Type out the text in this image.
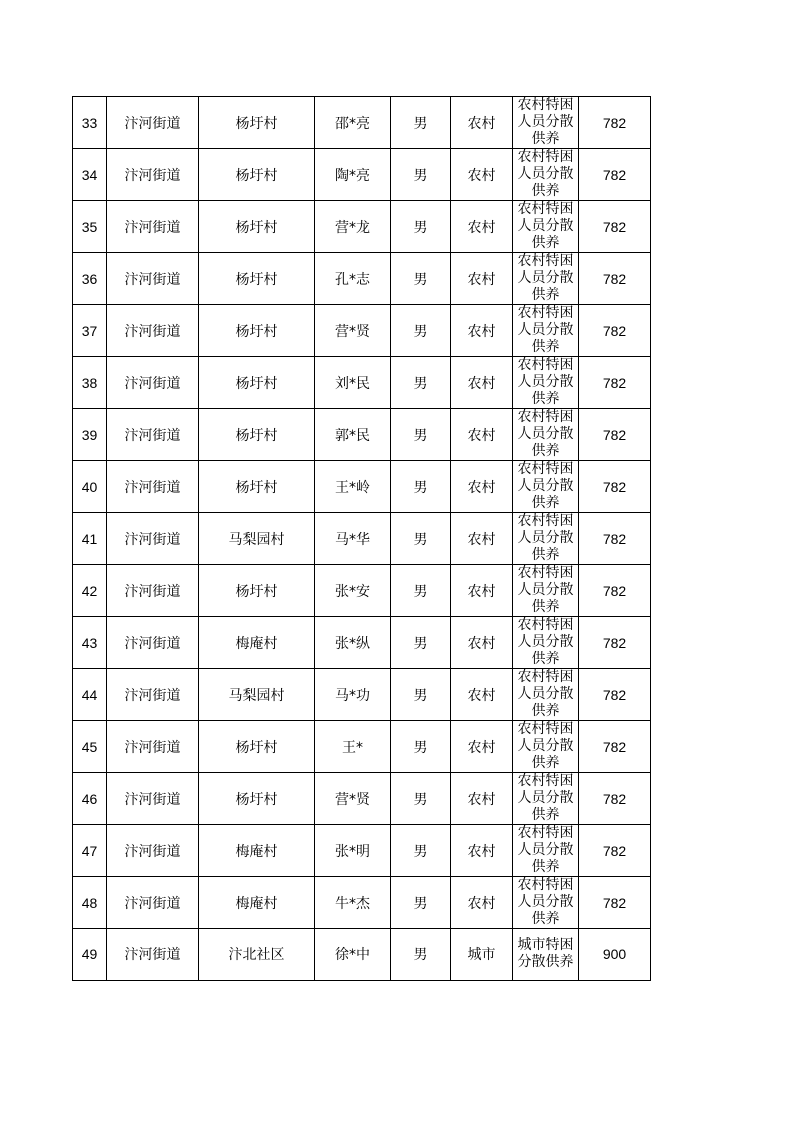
33	汴河街道	杨圩村	邵*亮	男	农村	农村特困人员分散供养	782
34	汴河街道	杨圩村	陶*亮	男	农村	农村特困人员分散供养	782
35	汴河街道	杨圩村	营*龙	男	农村	农村特困人员分散供养	782
36	汴河街道	杨圩村	孔*志	男	农村	农村特困人员分散供养	782
37	汴河街道	杨圩村	营*贤	男	农村	农村特困人员分散供养	782
38	汴河街道	杨圩村	刘*民	男	农村	农村特困人员分散供养	782
39	汴河街道	杨圩村	郭*民	男	农村	农村特困人员分散供养	782
40	汴河街道	杨圩村	王*岭	男	农村	农村特困人员分散供养	782
41	汴河街道	马梨园村	马*华	男	农村	农村特困人员分散供养	782
42	汴河街道	杨圩村	张*安	男	农村	农村特困人员分散供养	782
43	汴河街道	梅庵村	张*纵	男	农村	农村特困人员分散供养	782
44	汴河街道	马梨园村	马*功	男	农村	农村特困人员分散供养	782
45	汴河街道	杨圩村	王*	男	农村	农村特困人员分散供养	782
46	汴河街道	杨圩村	营*贤	男	农村	农村特困人员分散供养	782
47	汴河街道	梅庵村	张*明	男	农村	农村特困人员分散供养	782
48	汴河街道	梅庵村	牛*杰	男	农村	农村特困人员分散供养	782
49	汴河街道	汴北社区	徐*中	男	城市	城市特困分散供养	900
